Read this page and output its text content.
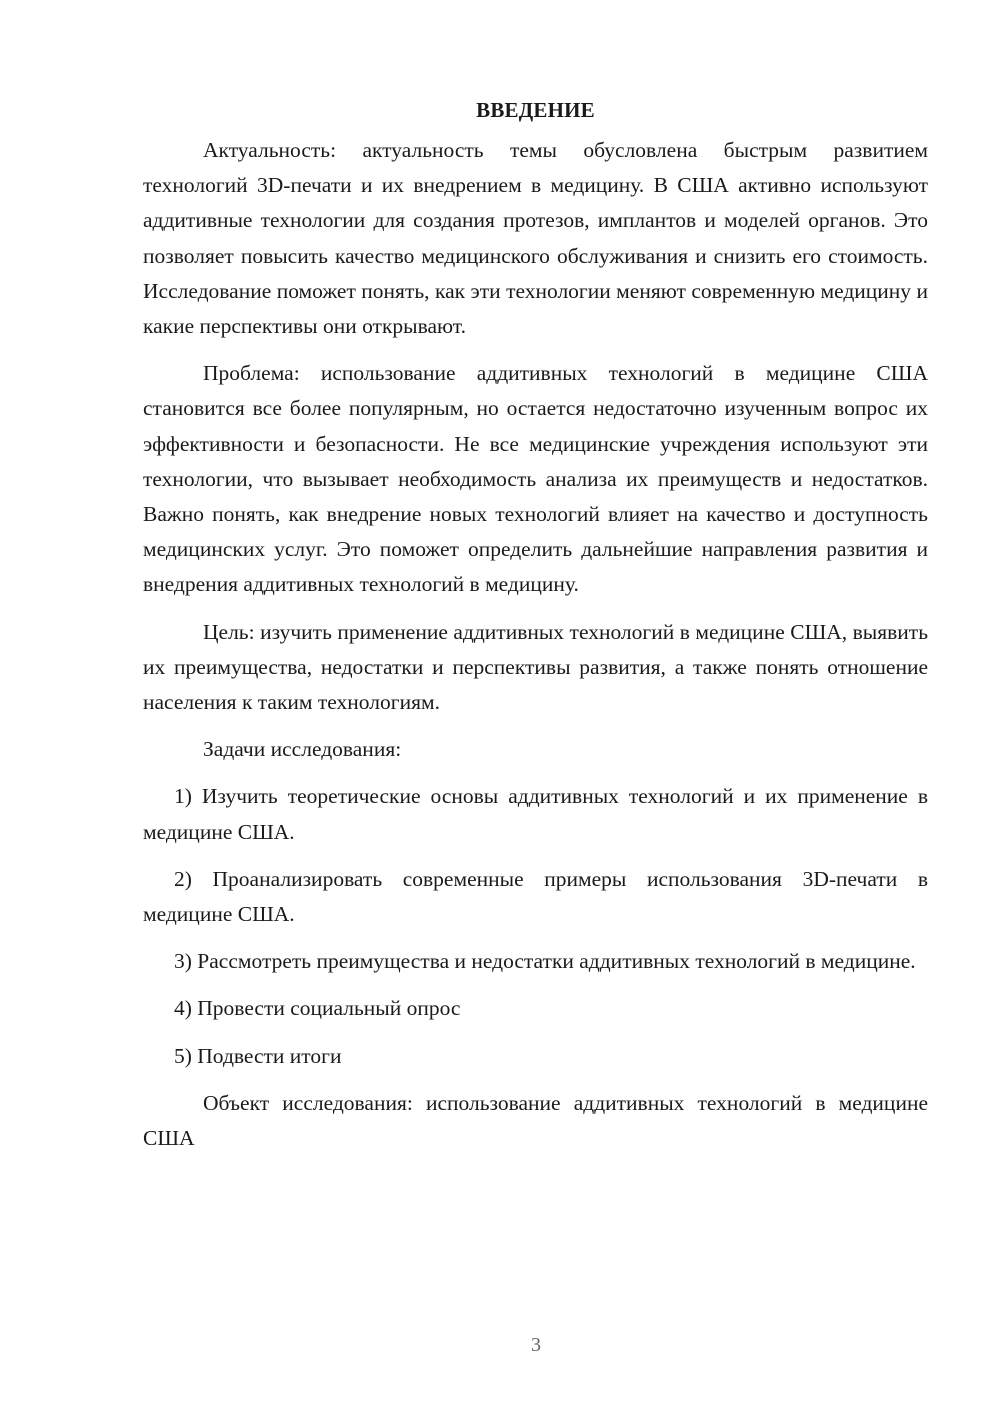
ВВЕДЕНИЕ

Актуальность: актуальность темы обусловлена быстрым развитием технологий 3D-печати и их внедрением в медицину. В США активно используют аддитивные технологии для создания протезов, имплантов и моделей органов. Это позволяет повысить качество медицинского обслуживания и снизить его стоимость. Исследование поможет понять, как эти технологии меняют современную медицину и какие перспективы они открывают.

Проблема: использование аддитивных технологий в медицине США становится все более популярным, но остается недостаточно изученным вопрос их эффективности и безопасности. Не все медицинские учреждения используют эти технологии, что вызывает необходимость анализа их преимуществ и недостатков. Важно понять, как внедрение новых технологий влияет на качество и доступность медицинских услуг. Это поможет определить дальнейшие направления развития и внедрения аддитивных технологий в медицину.

Цель: изучить применение аддитивных технологий в медицине США, выявить их преимущества, недостатки и перспективы развития, а также понять отношение населения к таким технологиям.

Задачи исследования:

1) Изучить теоретические основы аддитивных технологий и их применение в медицине США.

2) Проанализировать современные примеры использования 3D-печати в медицине США.

3) Рассмотреть преимущества и недостатки аддитивных технологий в медицине.

4) Провести социальный опрос

5) Подвести итоги

Объект исследования: использование аддитивных технологий в медицине США

3
